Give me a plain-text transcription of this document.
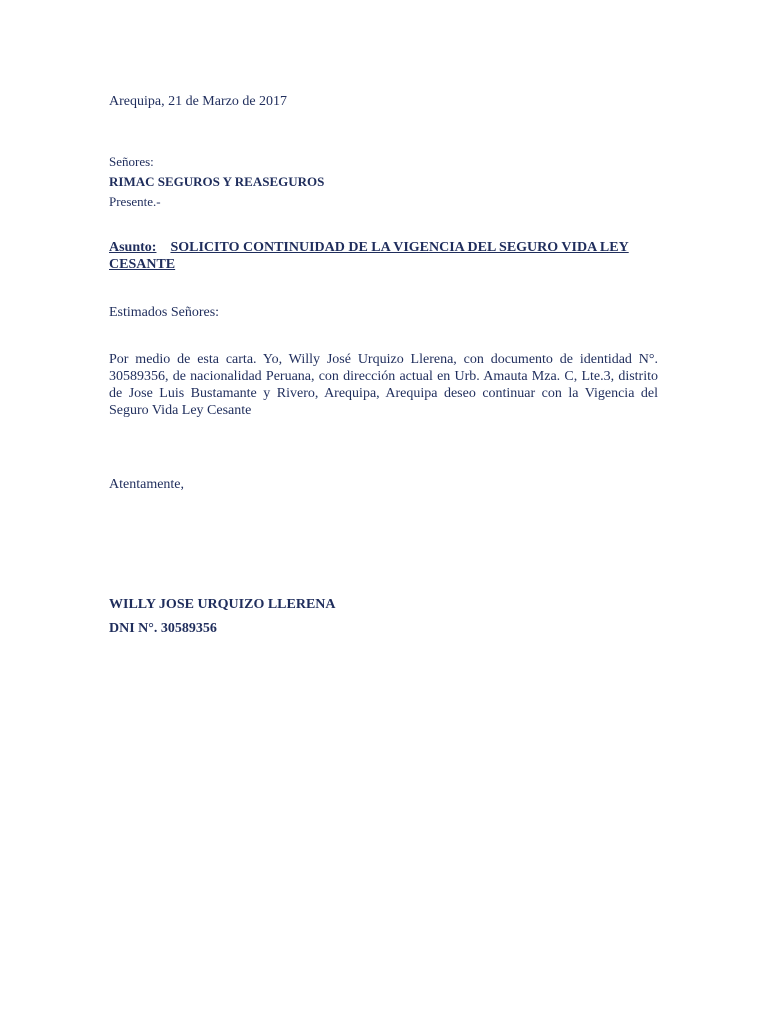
Arequipa, 21 de Marzo de 2017
Señores:
RIMAC SEGUROS Y REASEGUROS
Presente.-
Asunto: SOLICITO CONTINUIDAD DE LA VIGENCIA DEL SEGURO VIDA LEY CESANTE
Estimados Señores:
Por medio de esta carta. Yo, Willy José Urquizo Llerena, con documento de identidad N°. 30589356, de nacionalidad Peruana, con dirección actual en Urb. Amauta Mza. C, Lte.3, distrito de Jose Luis Bustamante y Rivero, Arequipa, Arequipa deseo continuar con la Vigencia del Seguro Vida Ley Cesante
Atentamente,
WILLY JOSE URQUIZO LLERENA
DNI N°. 30589356
